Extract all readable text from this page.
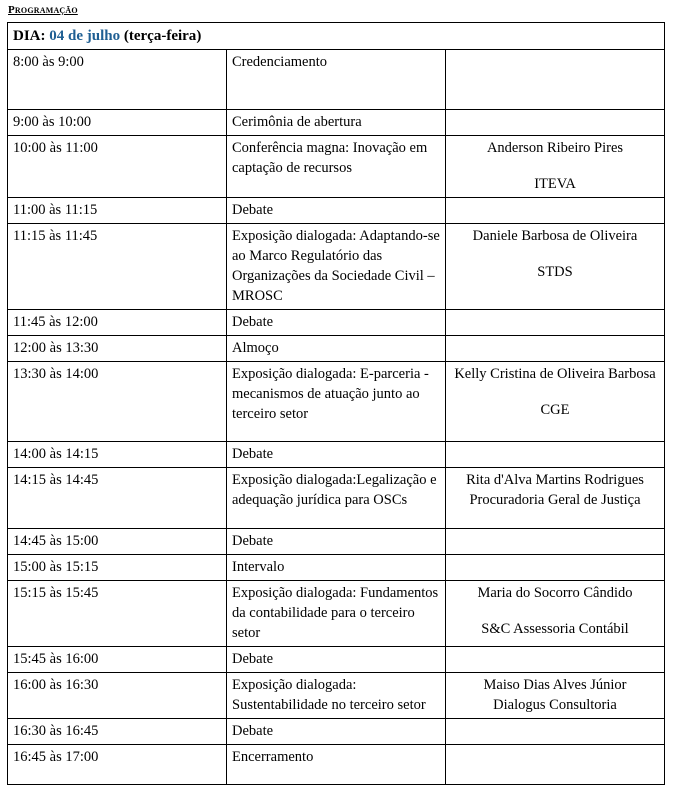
Programação
DIA: 04 de julho (terça-feira)		
8:00 às 9:00	Credenciamento	
9:00 às 10:00	Cerimônia de abertura	
10:00 às 11:00	Conferência magna: Inovação em captação de recursos	Anderson Ribeiro Pires
ITEVA

11:00 às 11:15	Debate	
11:15 às 11:45	Exposição dialogada: Adaptando-se ao Marco Regulatório das Organizações da Sociedade Civil – MROSC	Daniele Barbosa de Oliveira
STDS

11:45 às 12:00	Debate	
12:00 às 13:30	Almoço	
13:30 às 14:00	Exposição dialogada: E-parceria - mecanismos de atuação junto ao terceiro setor	Kelly Cristina de Oliveira Barbosa
CGE

14:00 às 14:15	Debate	
14:15 às 14:45	Exposição dialogada:Legalização e adequação jurídica para OSCs	Rita d'Alva Martins Rodrigues
Procuradoria Geral de Justiça

14:45 às 15:00	Debate	
15:00 às 15:15	Intervalo	
15:15 às 15:45	Exposição dialogada: Fundamentos da contabilidade para o terceiro setor	Maria do Socorro Cândido
S&C Assessoria Contábil

15:45 às 16:00	Debate	
16:00 às 16:30	Exposição dialogada: Sustentabilidade no terceiro setor	Maiso Dias Alves Júnior
Dialogus Consultoria

16:30 às 16:45	Debate	
16:45 às 17:00	Encerramento	
